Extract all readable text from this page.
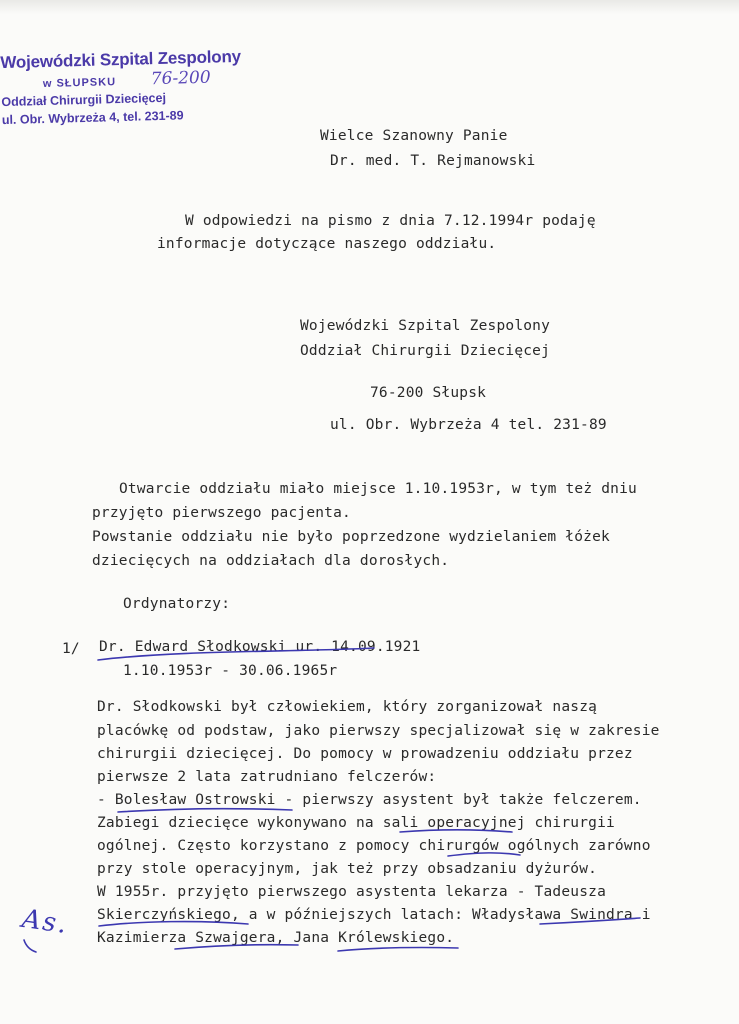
Wojewódzki Szpital Zespolony
w SŁUPSKU 76-200
Oddział Chirurgii Dziecięcej
ul. Obr. Wybrzeża 4, tel. 231-89
Wielce Szanowny Panie
Dr. med. T. Rejmanowski
W odpowiedzi na pismo z dnia 7.12.1994r podaję
informacje dotyczące naszego oddziału.
Wojewódzki Szpital Zespolony
Oddział Chirurgii Dziecięcej
76-200 Słupsk
ul. Obr. Wybrzeża 4 tel. 231-89
Otwarcie oddziału miało miejsce 1.10.1953r, w tym też dniu
przyjęto pierwszego pacjenta.
Powstanie oddziału nie było poprzedzone wydzielaniem łóżek
dziecięcych na oddziałach dla dorosłych.
Ordynatorzy:
1/ Dr. Edward Słodkowski ur. 14.09.1921
1.10.1953r - 30.06.1965r
Dr. Słodkowski był człowiekiem, który zorganizował naszą
placówkę od podstaw, jako pierwszy specjalizował się w zakresie
chirurgii dziecięcej. Do pomocy w prowadzeniu oddziału przez
pierwsze 2 lata zatrudniano felczerów:
- Bolesław Ostrowski - pierwszy asystent był także felczerem.
Zabiegi dziecięce wykonywano na sali operacyjnej chirurgii
ogólnej. Często korzystano z pomocy chirurgów ogólnych zarówno
przy stole operacyjnym, jak też przy obsadzaniu dyżurów.
W 1955r. przyjęto pierwszego asystenta lekarza - Tadeusza
Skierczyńskiego, a w późniejszych latach: Władysława Swindra i
Kazimierza Szwajgera, Jana Królewskiego.
As.
